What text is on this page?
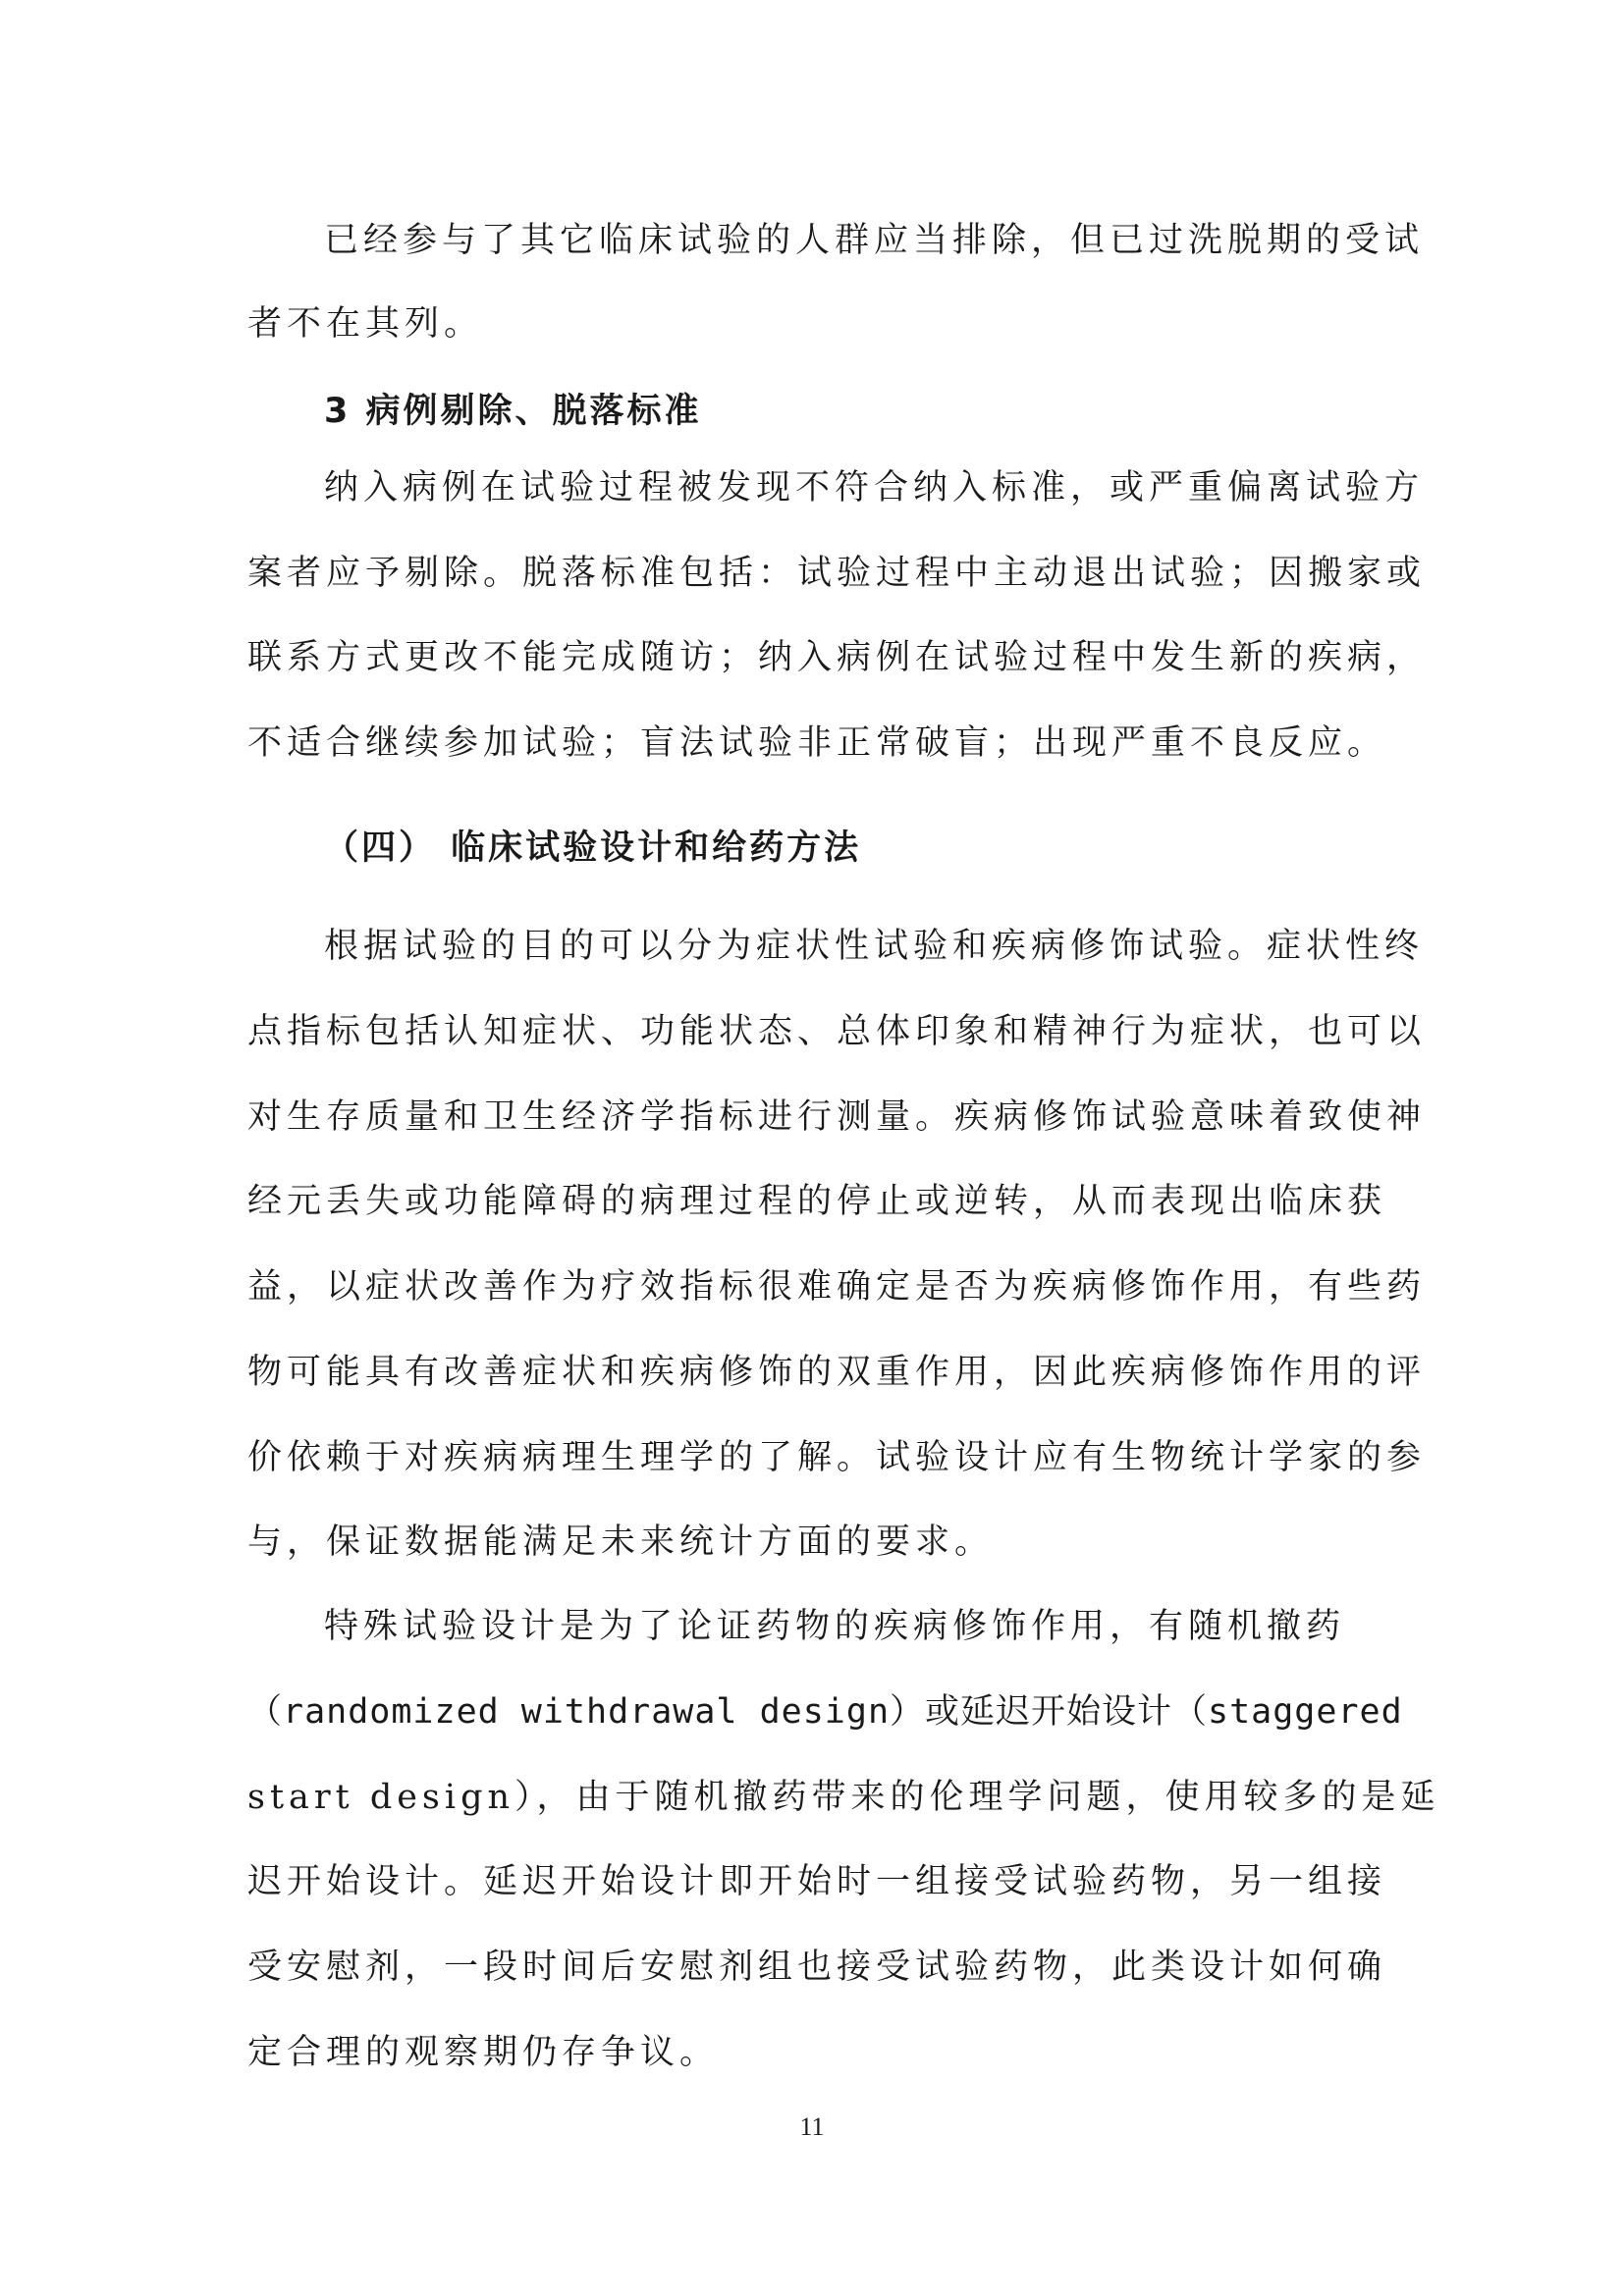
已经参与了其它临床试验的人群应当排除，但已过洗脱期的受试
者不在其列。
3 病例剔除、脱落标准
纳入病例在试验过程被发现不符合纳入标准，或严重偏离试验方
案者应予剔除。脱落标准包括：试验过程中主动退出试验；因搬家或
联系方式更改不能完成随访；纳入病例在试验过程中发生新的疾病，
不适合继续参加试验；盲法试验非正常破盲；出现严重不良反应。
（四） 临床试验设计和给药方法
根据试验的目的可以分为症状性试验和疾病修饰试验。症状性终
点指标包括认知症状、功能状态、总体印象和精神行为症状，也可以
对生存质量和卫生经济学指标进行测量。疾病修饰试验意味着致使神
经元丢失或功能障碍的病理过程的停止或逆转，从而表现出临床获
益，以症状改善作为疗效指标很难确定是否为疾病修饰作用，有些药
物可能具有改善症状和疾病修饰的双重作用，因此疾病修饰作用的评
价依赖于对疾病病理生理学的了解。试验设计应有生物统计学家的参
与，保证数据能满足未来统计方面的要求。
特殊试验设计是为了论证药物的疾病修饰作用，有随机撤药
（randomized withdrawal design）或延迟开始设计（staggered
start design），由于随机撤药带来的伦理学问题，使用较多的是延
迟开始设计。延迟开始设计即开始时一组接受试验药物，另一组接
受安慰剂，一段时间后安慰剂组也接受试验药物，此类设计如何确
定合理的观察期仍存争议。
11
